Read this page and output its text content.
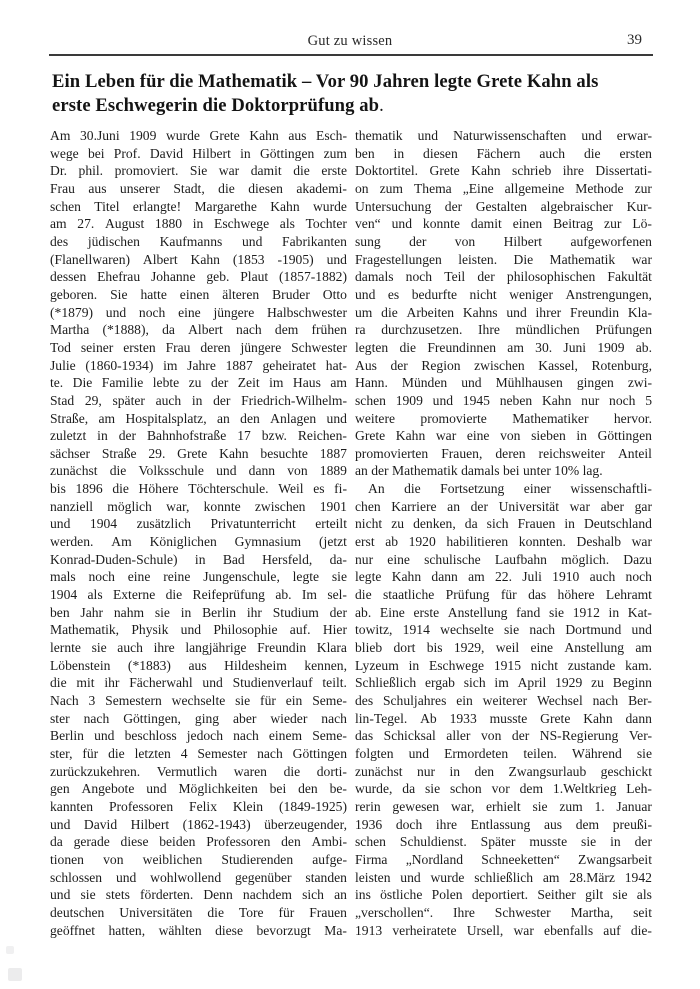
Gut zu wissen	39
Ein Leben für die Mathematik – Vor 90 Jahren legte Grete Kahn als
erste Eschwegerin die Doktorprüfung ab.
Am 30.Juni 1909 wurde Grete Kahn aus Esch-
wege bei Prof. David Hilbert in Göttingen zum
Dr. phil. promoviert. Sie war damit die erste
Frau aus unserer Stadt, die diesen akademi-
schen Titel erlangte! Margarethe Kahn wurde
am 27. August 1880 in Eschwege als Tochter
des jüdischen Kaufmanns und Fabrikanten
(Flanellwaren) Albert Kahn (1853 -1905) und
dessen Ehefrau Johanne geb. Plaut (1857-1882)
geboren. Sie hatte einen älteren Bruder Otto
(*1879) und noch eine jüngere Halbschwester
Martha (*1888), da Albert nach dem frühen
Tod seiner ersten Frau deren jüngere Schwester
Julie (1860-1934) im Jahre 1887 geheiratet hat-
te. Die Familie lebte zu der Zeit im Haus am
Stad 29, später auch in der Friedrich-Wilhelm-
Straße, am Hospitalsplatz, an den Anlagen und
zuletzt in der Bahnhofstraße 17 bzw. Reichen-
sächser Straße 29. Grete Kahn besuchte 1887
zunächst die Volksschule und dann von 1889
bis 1896 die Höhere Töchterschule. Weil es fi-
nanziell möglich war, konnte zwischen 1901
und 1904 zusätzlich Privatunterricht erteilt
werden. Am Königlichen Gymnasium (jetzt
Konrad-Duden-Schule) in Bad Hersfeld, da-
mals noch eine reine Jungenschule, legte sie
1904 als Externe die Reifeprüfung ab. Im sel-
ben Jahr nahm sie in Berlin ihr Studium der
Mathematik, Physik und Philosophie auf. Hier
lernte sie auch ihre langjährige Freundin Klara
Löbenstein (*1883) aus Hildesheim kennen,
die mit ihr Fächerwahl und Studienverlauf teilt.
Nach 3 Semestern wechselte sie für ein Seme-
ster nach Göttingen, ging aber wieder nach
Berlin und beschloss jedoch nach einem Seme-
ster, für die letzten 4 Semester nach Göttingen
zurückzukehren. Vermutlich waren die dorti-
gen Angebote und Möglichkeiten bei den be-
kannten Professoren Felix Klein (1849-1925)
und David Hilbert (1862-1943) überzeugender,
da gerade diese beiden Professoren den Ambi-
tionen von weiblichen Studierenden aufge-
schlossen und wohlwollend gegenüber standen
und sie stets förderten. Denn nachdem sich an
deutschen Universitäten die Tore für Frauen
geöffnet hatten, wählten diese bevorzugt Ma-
thematik und Naturwissenschaften und erwar-
ben in diesen Fächern auch die ersten
Doktortitel. Grete Kahn schrieb ihre Dissertati-
on zum Thema „Eine allgemeine Methode zur
Untersuchung der Gestalten algebraischer Kur-
ven“ und konnte damit einen Beitrag zur Lö-
sung der von Hilbert aufgeworfenen
Fragestellungen leisten. Die Mathematik war
damals noch Teil der philosophischen Fakultät
und es bedurfte nicht weniger Anstrengungen,
um die Arbeiten Kahns und ihrer Freundin Kla-
ra durchzusetzen. Ihre mündlichen Prüfungen
legten die Freundinnen am 30. Juni 1909 ab.
Aus der Region zwischen Kassel, Rotenburg,
Hann. Münden und Mühlhausen gingen zwi-
schen 1909 und 1945 neben Kahn nur noch 5
weitere promovierte Mathematiker hervor.
Grete Kahn war eine von sieben in Göttingen
promovierten Frauen, deren reichsweiter Anteil
an der Mathematik damals bei unter 10% lag.
An die Fortsetzung einer wissenschaftli-
chen Karriere an der Universität war aber gar
nicht zu denken, da sich Frauen in Deutschland
erst ab 1920 habilitieren konnten. Deshalb war
nur eine schulische Laufbahn möglich. Dazu
legte Kahn dann am 22. Juli 1910 auch noch
die staatliche Prüfung für das höhere Lehramt
ab. Eine erste Anstellung fand sie 1912 in Kat-
towitz, 1914 wechselte sie nach Dortmund und
blieb dort bis 1929, weil eine Anstellung am
Lyzeum in Eschwege 1915 nicht zustande kam.
Schließlich ergab sich im April 1929 zu Beginn
des Schuljahres ein weiterer Wechsel nach Ber-
lin-Tegel. Ab 1933 musste Grete Kahn dann
das Schicksal aller von der NS-Regierung Ver-
folgten und Ermordeten teilen. Während sie
zunächst nur in den Zwangsurlaub geschickt
wurde, da sie schon vor dem 1.Weltkrieg Leh-
rerin gewesen war, erhielt sie zum 1. Januar
1936 doch ihre Entlassung aus dem preußi-
schen Schuldienst. Später musste sie in der
Firma „Nordland Schneeketten“ Zwangsarbeit
leisten und wurde schließlich am 28.März 1942
ins östliche Polen deportiert. Seither gilt sie als
„verschollen“. Ihre Schwester Martha, seit
1913 verheiratete Ursell, war ebenfalls auf die-
